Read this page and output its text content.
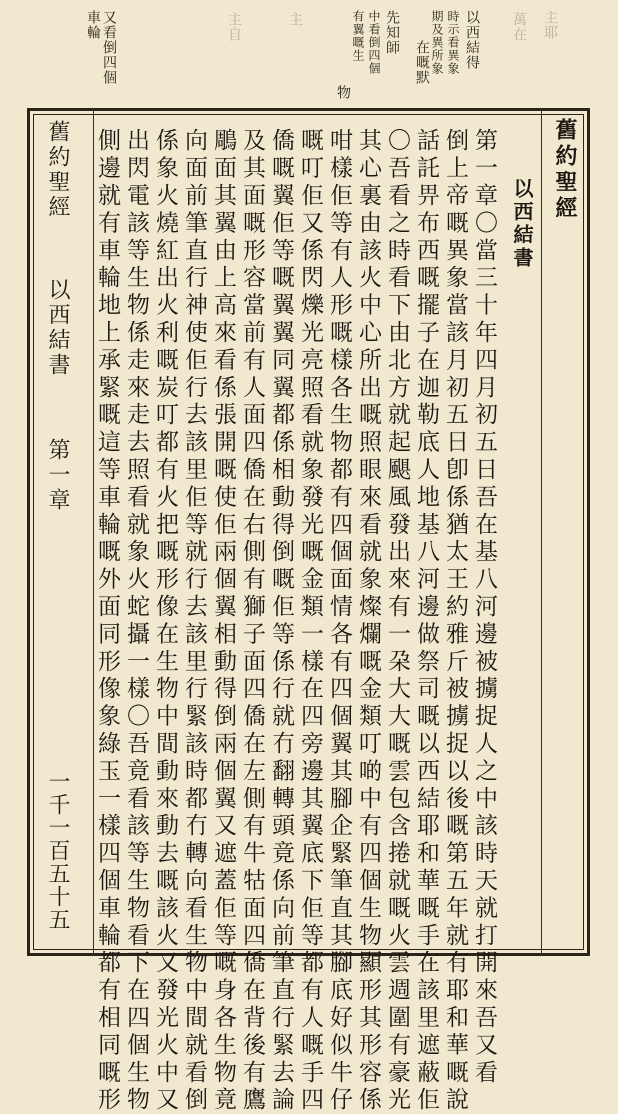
主耶
萬在
以西結得
時示看異象
期及異所象
在嘅默
主
主自	先知師
中看倒四個
有翼嘅生
物
又看倒四個
車輪
舊約聖經
以西結書
第一章〇當三十年四月初五日吾在基八河邊被擄捉人之中該時天就打開來吾又看
倒上帝嘅異象當該月初五日卽係猶太王約雅斤被擄捉以後嘅第五年就有耶和華嘅說
話託畀布西嘅擺子在迦勒底人地基八河邊做祭司嘅以西結耶和華嘅手在該里遮蔽佢
〇吾看之時看下由北方就起颶風發出來有一朶大大嘅雲包含捲就嘅火雲週圍有豪光
其心裏由該火中心所出嘅照眼來看就象燦爛嘅金類叮啲中有四個生物顯形其形容係
咁樣佢等有人形嘅樣各生物都有四個面情各有四個翼其腳企緊筆直其腳底好似牛仔
嘅叮佢又係閃爍光亮照看就象發光嘅金類一樣在四旁邊其翼底下佢等都有人嘅手四
僑嘅翼佢等嘅翼翼同翼都係相動得倒嘅佢等係行就冇翻轉頭竟係向前筆直行緊去論
及其面嘅形容當前有人面四僑在右側有獅子面四僑在左側有牛牯面四僑在背後有鷹
鵰面其翼由上高來看係張開嘅使佢兩個翼相動得倒兩個翼又遮蓋佢等嘅身各生物竟
向面前筆直行神使佢行去該里佢等就行去該里行緊該時都冇轉向看生物中間就看倒
係象火燒紅出火利嘅炭叮都有火把嘅形像在生物中間動來動去嘅該火又發光火中又
出閃電該等生物係走來走去照看就象火蛇攝一樣〇吾竟看該等生物看下在四個生物
側邊就有車輪地上承緊嘅這等車輪嘅外面同形像象綠玉一樣四個車輪都有相同嘅形
舊約聖經
以西結書
第一章
一千一百五十五
